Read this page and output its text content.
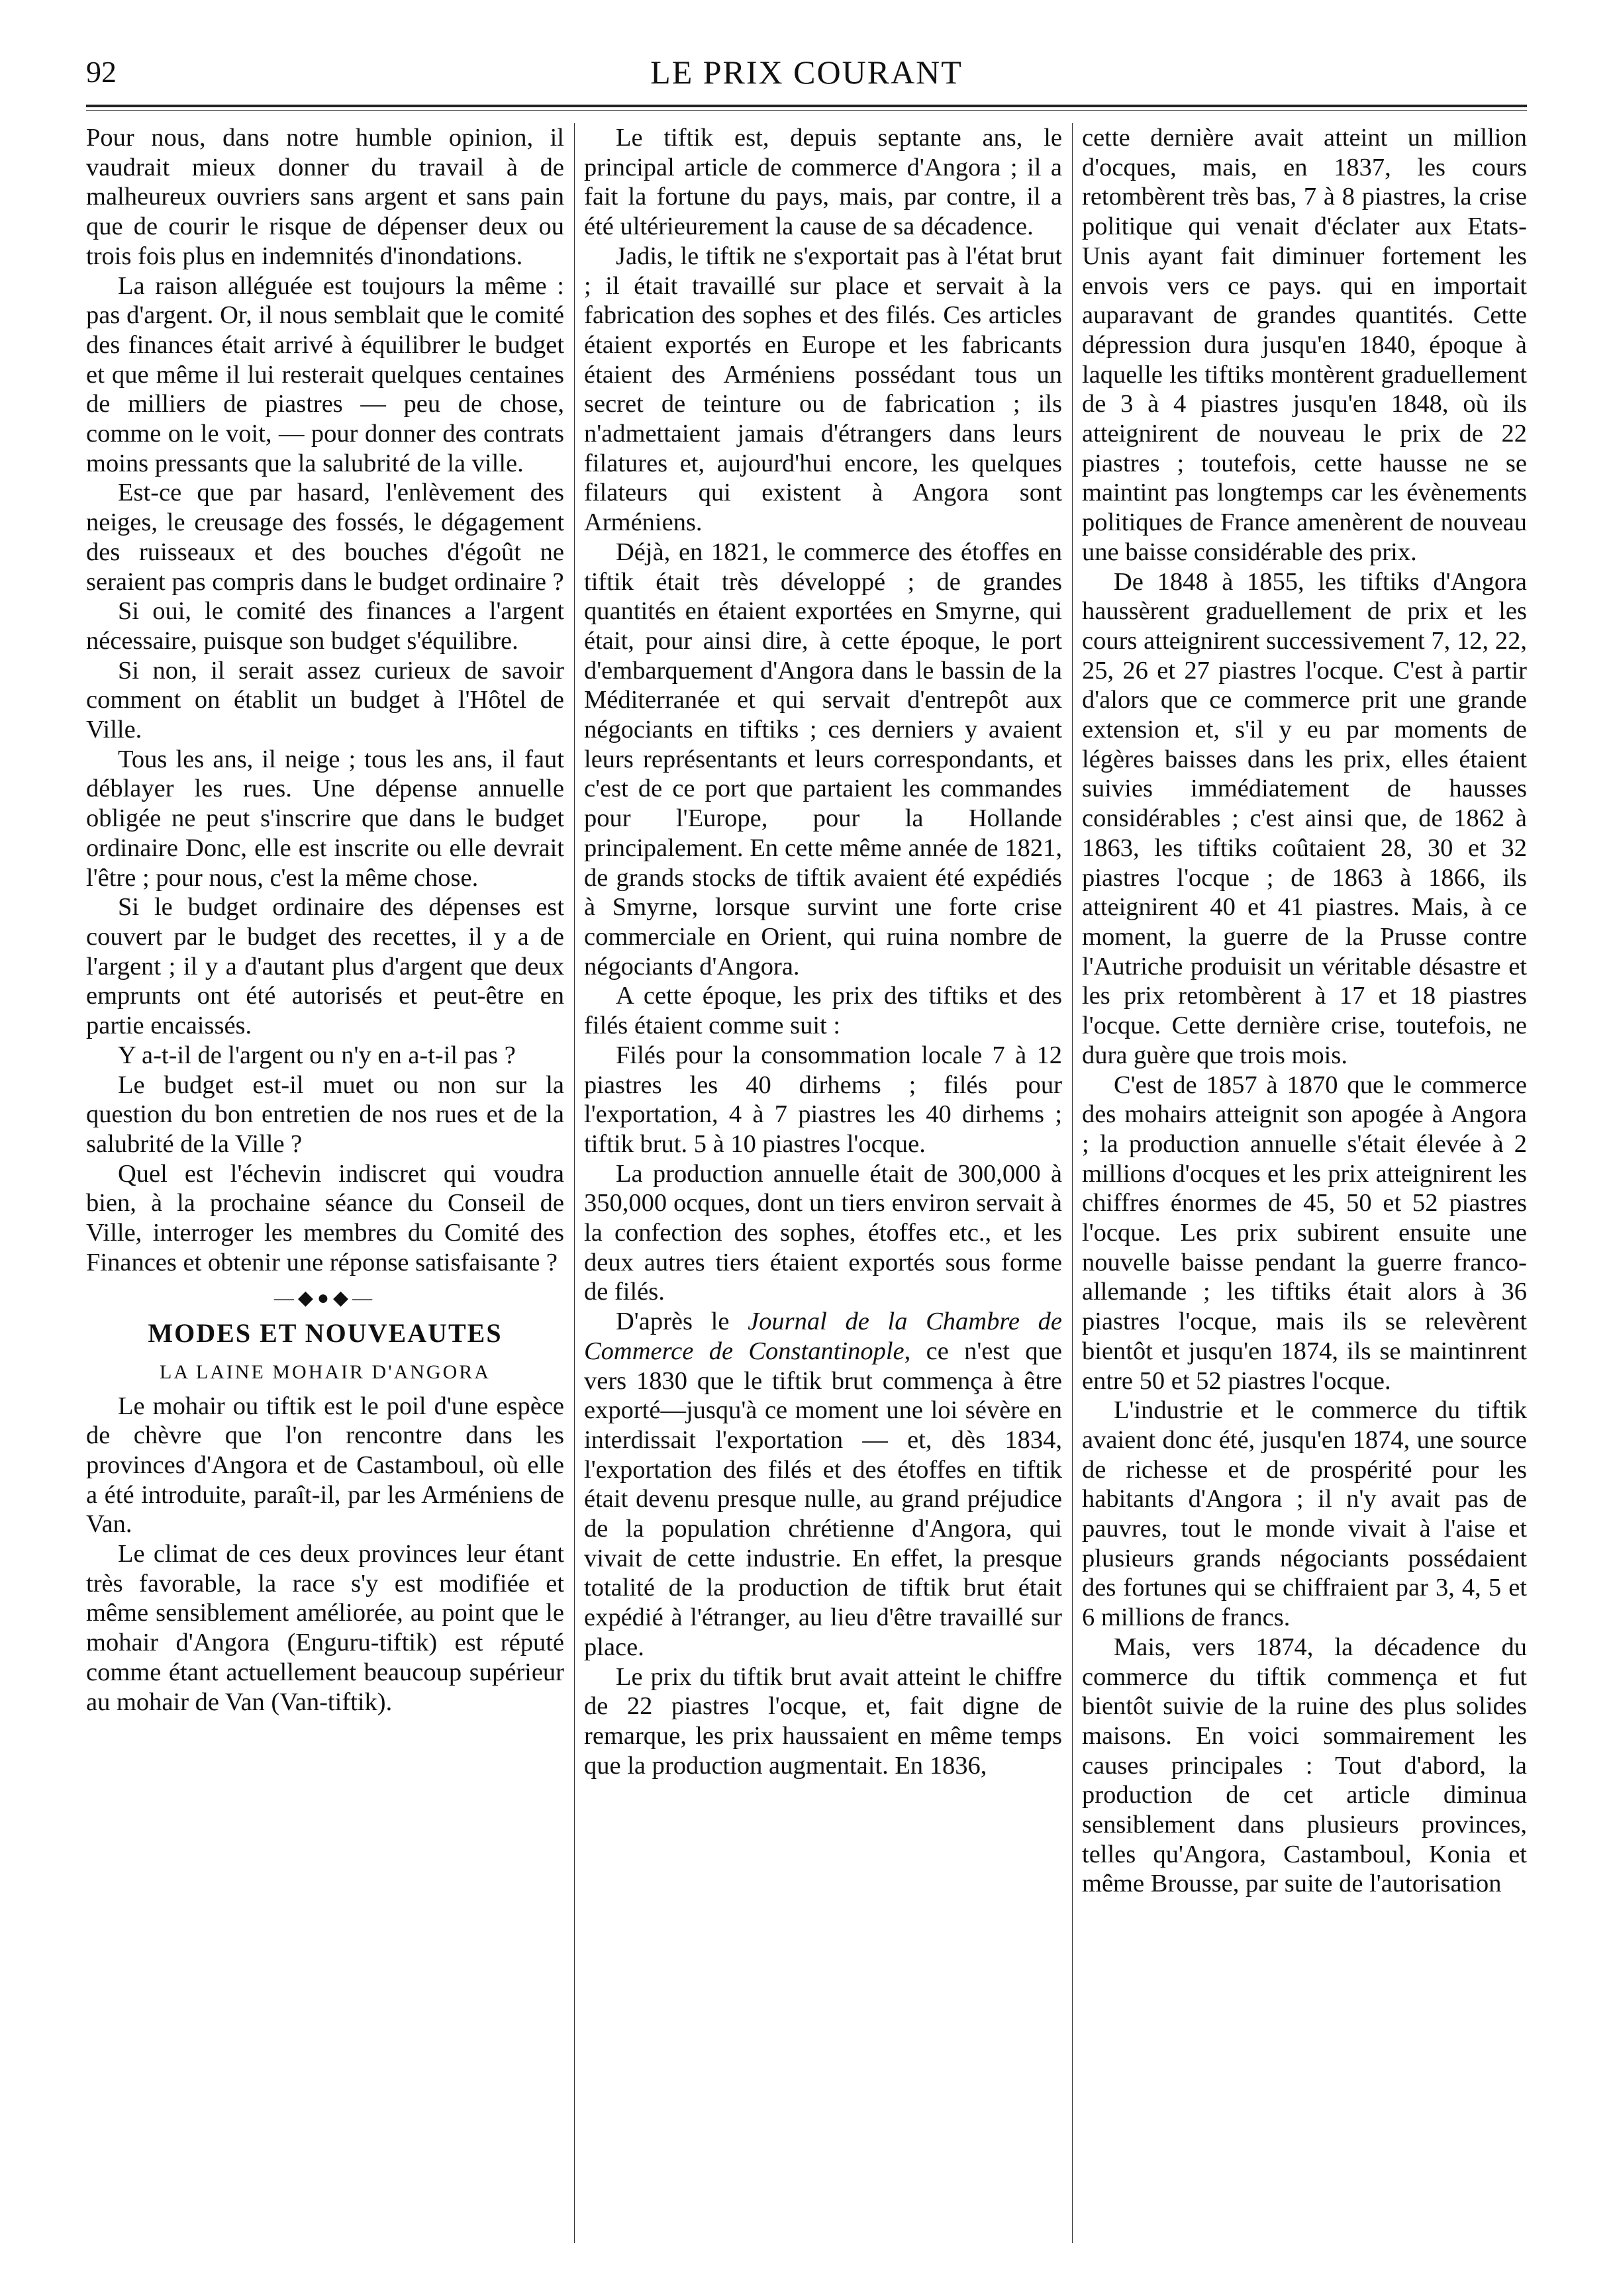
92	LE PRIX COURANT

Pour nous, dans notre humble opinion, il vaudrait mieux donner du travail à de malheureux ouvriers sans argent et sans pain que de courir le risque de dépenser deux ou trois fois plus en indemnités d'inondations.

La raison alléguée est toujours la même : pas d'argent. Or, il nous semblait que le comité des finances était arrivé à équilibrer le budget et que même il lui resterait quelques centaines de milliers de piastres — peu de chose, comme on le voit, — pour donner des contrats moins pressants que la salubrité de la ville.

Est-ce que par hasard, l'enlèvement des neiges, le creusage des fossés, le dégagement des ruisseaux et des bouches d'égoût ne seraient pas compris dans le budget ordinaire ?

Si oui, le comité des finances a l'argent nécessaire, puisque son budget s'équilibre.

Si non, il serait assez curieux de savoir comment on établit un budget à l'Hôtel de Ville.

Tous les ans, il neige ; tous les ans, il faut déblayer les rues. Une dépense annuelle obligée ne peut s'inscrire que dans le budget ordinaire Donc, elle est inscrite ou elle devrait l'être ; pour nous, c'est la même chose.

Si le budget ordinaire des dépenses est couvert par le budget des recettes, il y a de l'argent ; il y a d'autant plus d'argent que deux emprunts ont été autorisés et peut-être en partie encaissés.

Y a-t-il de l'argent ou n'y en a-t-il pas ?

Le budget est-il muet ou non sur la question du bon entretien de nos rues et de la salubrité de la Ville ?

Quel est l'échevin indiscret qui voudra bien, à la prochaine séance du Conseil de Ville, interroger les membres du Comité des Finances et obtenir une réponse satisfaisante ?

—◆●◆—
MODES ET NOUVEAUTES
LA LAINE MOHAIR D'ANGORA

Le mohair ou tiftik est le poil d'une espèce de chèvre que l'on rencontre dans les provinces d'Angora et de Castamboul, où elle a été introduite, paraît-il, par les Arméniens de Van.

Le climat de ces deux provinces leur étant très favorable, la race s'y est modifiée et même sensiblement améliorée, au point que le mohair d'Angora (Enguru-tiftik) est réputé comme étant actuellement beaucoup supérieur au mohair de Van (Van-tiftik).

Le tiftik est, depuis septante ans, le principal article de commerce d'Angora ; il a fait la fortune du pays, mais, par contre, il a été ultérieurement la cause de sa décadence.

Jadis, le tiftik ne s'exportait pas à l'état brut ; il était travaillé sur place et servait à la fabrication des sophes et des filés. Ces articles étaient exportés en Europe et les fabricants étaient des Arméniens possédant tous un secret de teinture ou de fabrication ; ils n'admettaient jamais d'étrangers dans leurs filatures et, aujourd'hui encore, les quelques filateurs qui existent à Angora sont Arméniens.

Déjà, en 1821, le commerce des étoffes en tiftik était très développé ; de grandes quantités en étaient exportées en Smyrne, qui était, pour ainsi dire, à cette époque, le port d'embarquement d'Angora dans le bassin de la Méditerranée et qui servait d'entrepôt aux négociants en tiftiks ; ces derniers y avaient leurs représentants et leurs correspondants, et c'est de ce port que partaient les commandes pour l'Europe, pour la Hollande principalement. En cette même année de 1821, de grands stocks de tiftik avaient été expédiés à Smyrne, lorsque survint une forte crise commerciale en Orient, qui ruina nombre de négociants d'Angora.

A cette époque, les prix des tiftiks et des filés étaient comme suit :

Filés pour la consommation locale 7 à 12 piastres les 40 dirhems ; filés pour l'exportation, 4 à 7 piastres les 40 dirhems ; tiftik brut. 5 à 10 piastres l'ocque.

La production annuelle était de 300,000 à 350,000 ocques, dont un tiers environ servait à la confection des sophes, étoffes etc., et les deux autres tiers étaient exportés sous forme de filés.

D'après le Journal de la Chambre de Commerce de Constantinople, ce n'est que vers 1830 que le tiftik brut commença à être exporté—jusqu'à ce moment une loi sévère en interdissait l'exportation — et, dès 1834, l'exportation des filés et des étoffes en tiftik était devenu presque nulle, au grand préjudice de la population chrétienne d'Angora, qui vivait de cette industrie. En effet, la presque totalité de la production de tiftik brut était expédié à l'étranger, au lieu d'être travaillé sur place.

Le prix du tiftik brut avait atteint le chiffre de 22 piastres l'ocque, et, fait digne de remarque, les prix haussaient en même temps que la production augmentait. En 1836,

cette dernière avait atteint un million d'ocques, mais, en 1837, les cours retombèrent très bas, 7 à 8 piastres, la crise politique qui venait d'éclater aux Etats-Unis ayant fait diminuer fortement les envois vers ce pays. qui en importait auparavant de grandes quantités. Cette dépression dura jusqu'en 1840, époque à laquelle les tiftiks montèrent graduellement de 3 à 4 piastres jusqu'en 1848, où ils atteignirent de nouveau le prix de 22 piastres ; toutefois, cette hausse ne se maintint pas longtemps car les évènements politiques de France amenèrent de nouveau une baisse considérable des prix.

De 1848 à 1855, les tiftiks d'Angora haussèrent graduellement de prix et les cours atteignirent successivement 7, 12, 22, 25, 26 et 27 piastres l'ocque. C'est à partir d'alors que ce commerce prit une grande extension et, s'il y eu par moments de légères baisses dans les prix, elles étaient suivies immédiatement de hausses considérables ; c'est ainsi que, de 1862 à 1863, les tiftiks coûtaient 28, 30 et 32 piastres l'ocque ; de 1863 à 1866, ils atteignirent 40 et 41 piastres. Mais, à ce moment, la guerre de la Prusse contre l'Autriche produisit un véritable désastre et les prix retombèrent à 17 et 18 piastres l'ocque. Cette dernière crise, toutefois, ne dura guère que trois mois.

C'est de 1857 à 1870 que le commerce des mohairs atteignit son apogée à Angora ; la production annuelle s'était élevée à 2 millions d'ocques et les prix atteignirent les chiffres énormes de 45, 50 et 52 piastres l'ocque. Les prix subirent ensuite une nouvelle baisse pendant la guerre franco-allemande ; les tiftiks était alors à 36 piastres l'ocque, mais ils se relevèrent bientôt et jusqu'en 1874, ils se maintinrent entre 50 et 52 piastres l'ocque.

L'industrie et le commerce du tiftik avaient donc été, jusqu'en 1874, une source de richesse et de prospérité pour les habitants d'Angora ; il n'y avait pas de pauvres, tout le monde vivait à l'aise et plusieurs grands négociants possédaient des fortunes qui se chiffraient par 3, 4, 5 et 6 millions de francs.

Mais, vers 1874, la décadence du commerce du tiftik commença et fut bientôt suivie de la ruine des plus solides maisons. En voici sommairement les causes principales : Tout d'abord, la production de cet article diminua sensiblement dans plusieurs provinces, telles qu'Angora, Castamboul, Konia et même Brousse, par suite de l'autorisation
